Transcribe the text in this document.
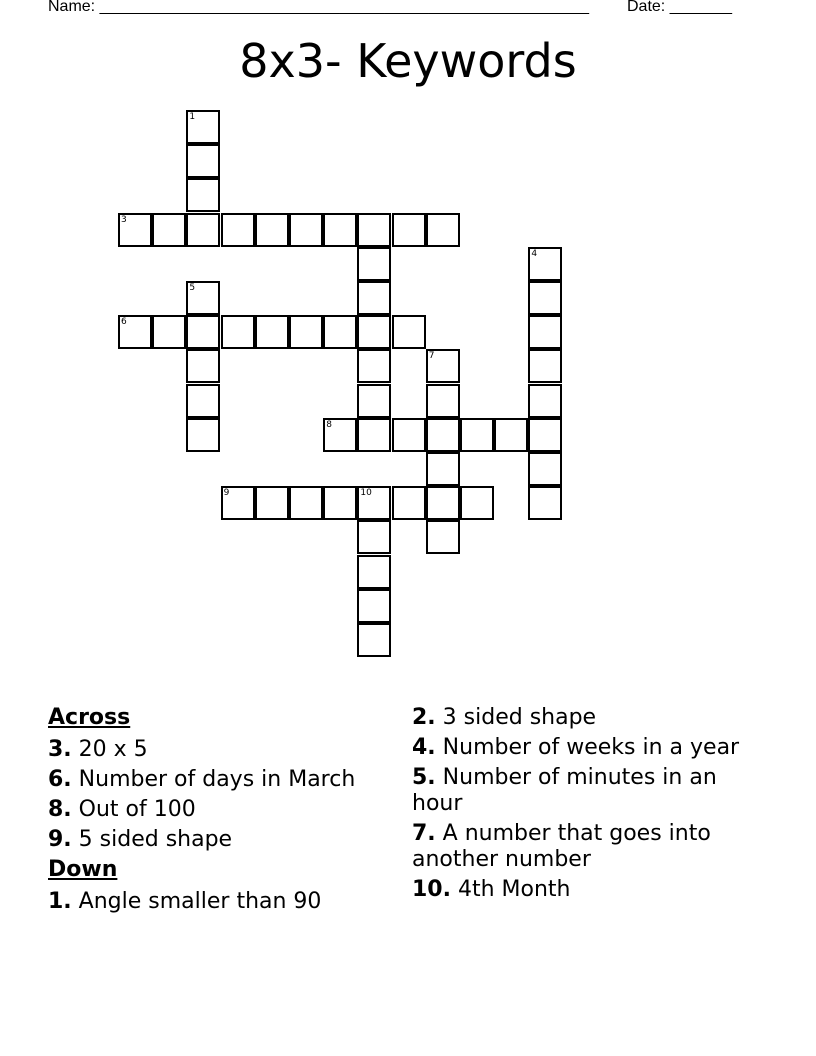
Name: _______________________________________________________ Date: _______
8x3- Keywords
1
3
4
5
6
7
8
9	10
Across
3. 20 x 5
6. Number of days in March
8. Out of 100
9. 5 sided shape
Down
1. Angle smaller than 90
2. 3 sided shape
4. Number of weeks in a year
5. Number of minutes in an hour
7. A number that goes into another number
10. 4th Month
